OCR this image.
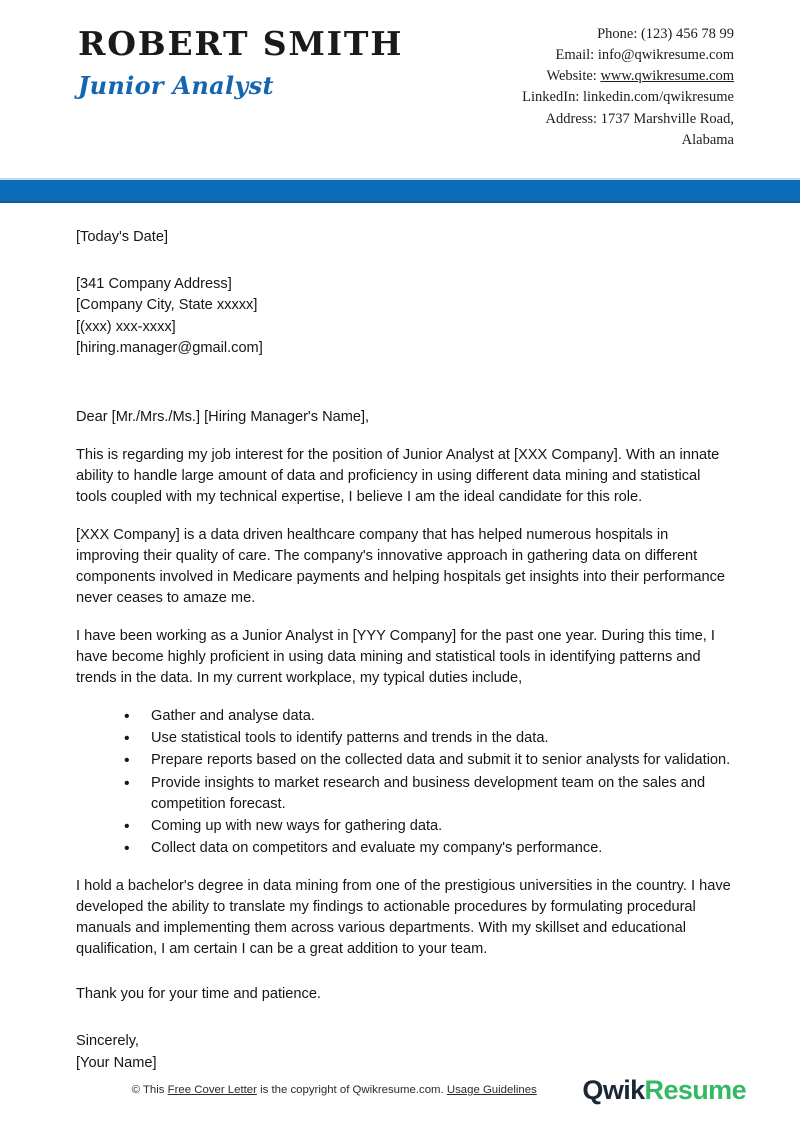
ROBERT SMITH
Junior Analyst
Phone: (123) 456 78 99
Email: info@qwikresume.com
Website: www.qwikresume.com
LinkedIn: linkedin.com/qwikresume
Address: 1737 Marshville Road,
Alabama
[Today's Date]
[341 Company Address]
[Company City, State xxxxx]
[(xxx) xxx-xxxx]
[hiring.manager@gmail.com]
Dear [Mr./Mrs./Ms.] [Hiring Manager's Name],

This is regarding my job interest for the position of Junior Analyst at [XXX Company]. With an innate ability to handle large amount of data and proficiency in using different data mining and statistical tools coupled with my technical expertise, I believe I am the ideal candidate for this role.

[XXX Company] is a data driven healthcare company that has helped numerous hospitals in improving their quality of care. The company's innovative approach in gathering data on different components involved in Medicare payments and helping hospitals get insights into their performance never ceases to amaze me.

I have been working as a Junior Analyst in [YYY Company] for the past one year. During this time, I have become highly proficient in using data mining and statistical tools in identifying patterns and trends in the data. In my current workplace, my typical duties include,

• Gather and analyse data.
• Use statistical tools to identify patterns and trends in the data.
• Prepare reports based on the collected data and submit it to senior analysts for validation.
• Provide insights to market research and business development team on the sales and competition forecast.
• Coming up with new ways for gathering data.
• Collect data on competitors and evaluate my company's performance.

I hold a bachelor's degree in data mining from one of the prestigious universities in the country. I have developed the ability to translate my findings to actionable procedures by formulating procedural manuals and implementing them across various departments. With my skillset and educational qualification, I am certain I can be a great addition to your team.

Thank you for your time and patience.
Sincerely,
[Your Name]
© This Free Cover Letter is the copyright of Qwikresume.com. Usage Guidelines	QwikResume
